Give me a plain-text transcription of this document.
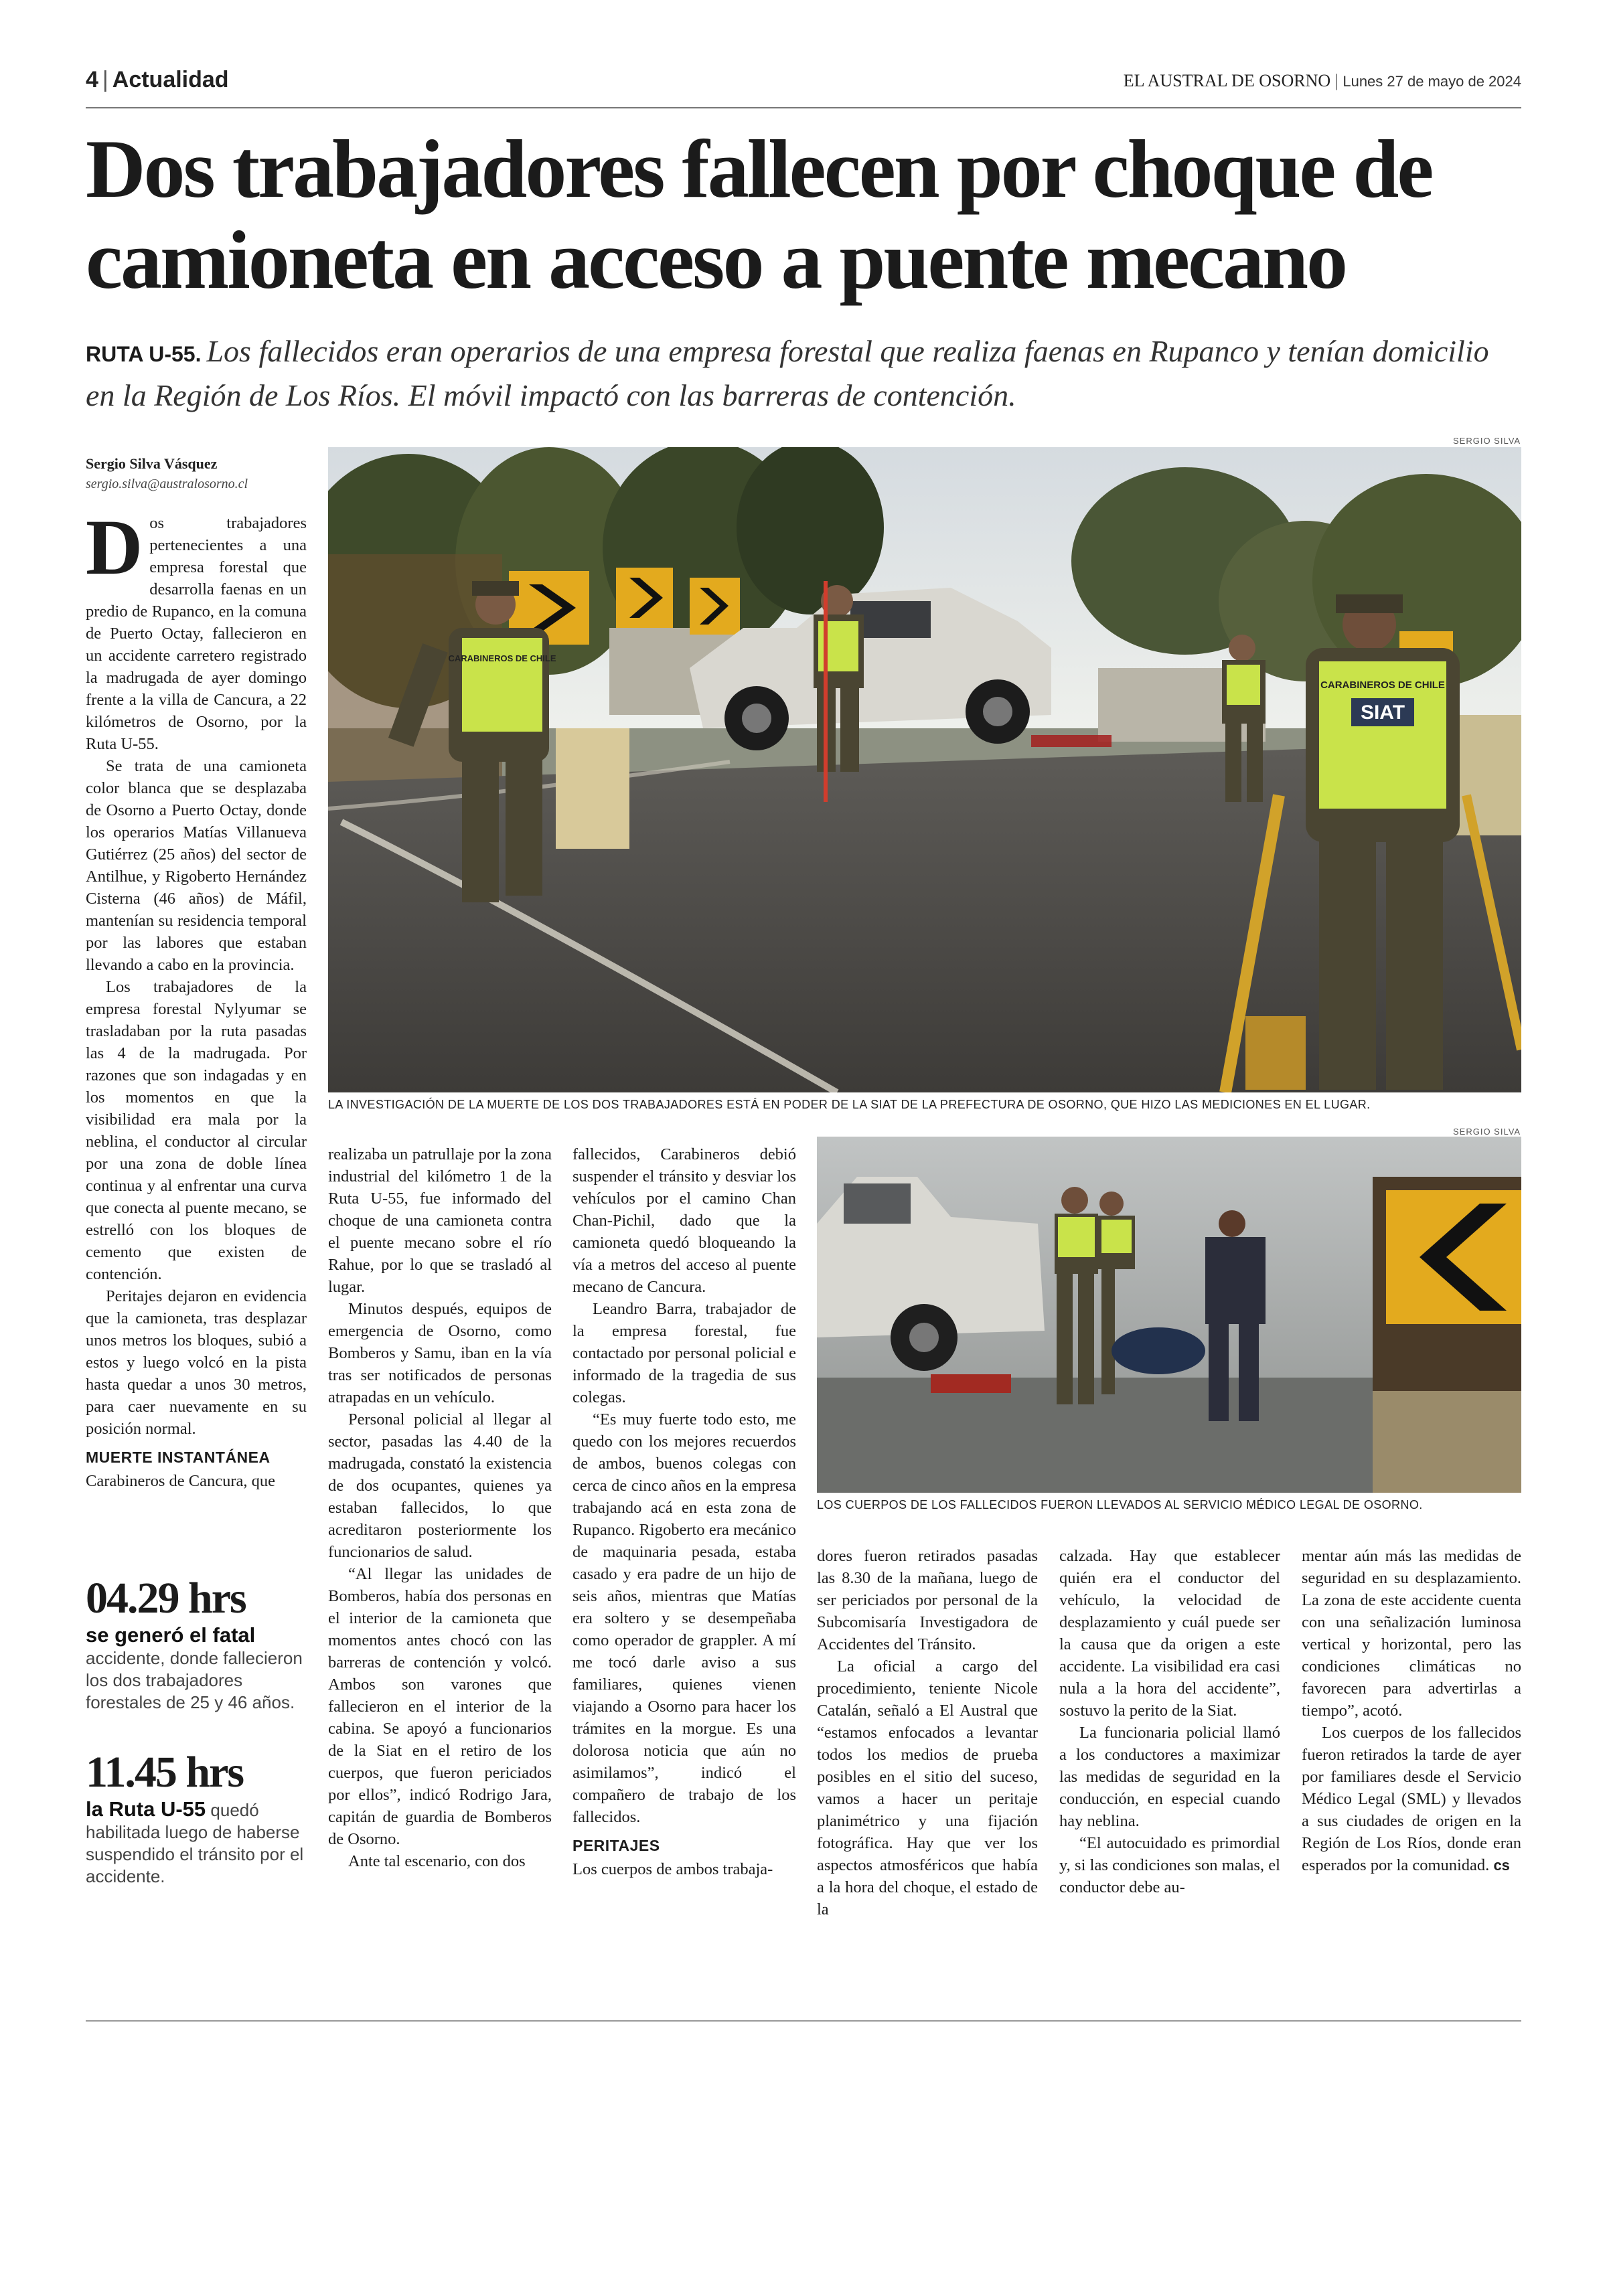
4 | Actualidad	EL AUSTRAL DE OSORNO | Lunes 27 de mayo de 2024
Dos trabajadores fallecen por choque de
camioneta en acceso a puente mecano
RUTA U-55. Los fallecidos eran operarios de una empresa forestal que realiza faenas en Rupanco y tenían domicilio en la Región de Los Ríos. El móvil impactó con las barreras de contención.
Sergio Silva Vásquez
sergio.silva@australosorno.cl
SERGIO SILVA
CARABINEROS DE CHILE
CARABINEROS DE CHILE
SIAT
LA INVESTIGACIÓN DE LA MUERTE DE LOS DOS TRABAJADORES ESTÁ EN PODER DE LA SIAT DE LA PREFECTURA DE OSORNO, QUE HIZO LAS MEDICIONES EN EL LUGAR.
SERGIO SILVA
LOS CUERPOS DE LOS FALLECIDOS FUERON LLEVADOS AL SERVICIO MÉDICO LEGAL DE OSORNO.

Dos trabajadores pertenecientes a una empresa forestal que desarrolla faenas en un predio de Rupanco, en la comuna de Puerto Octay, fallecieron en un accidente carretero registrado la madrugada de ayer domingo frente a la villa de Cancura, a 22 kilómetros de Osorno, por la Ruta U-55.

Se trata de una camioneta color blanca que se desplazaba de Osorno a Puerto Octay, donde los operarios Matías Villanueva Gutiérrez (25 años) del sector de Antilhue, y Rigoberto Hernández Cisterna (46 años) de Máfil, mantenían su residencia temporal por las labores que estaban llevando a cabo en la provincia.

Los trabajadores de la empresa forestal Nylyumar se trasladaban por la ruta pasadas las 4 de la madrugada. Por razones que son indagadas y en los momentos en que la visibilidad era mala por la neblina, el conductor al circular por una zona de doble línea continua y al enfrentar una curva que conecta al puente mecano, se estrelló con los bloques de cemento que existen de contención.

Peritajes dejaron en evidencia que la camioneta, tras desplazar unos metros los bloques, subió a estos y luego volcó en la pista hasta quedar a unos 30 metros, para caer nuevamente en su posición normal.

MUERTE INSTANTÁNEA

Carabineros de Cancura, que

04.29 hrs
se generó el fatal accidente, donde fallecieron los dos trabajadores forestales de 25 y 46 años.
11.45 hrs
la Ruta U-55 quedó habilitada luego de haberse suspendido el tránsito por el accidente.

realizaba un patrullaje por la zona industrial del kilómetro 1 de la Ruta U-55, fue informado del choque de una camioneta contra el puente mecano sobre el río Rahue, por lo que se trasladó al lugar.

Minutos después, equipos de emergencia de Osorno, como Bomberos y Samu, iban en la vía tras ser notificados de personas atrapadas en un vehículo.

Personal policial al llegar al sector, pasadas las 4.40 de la madrugada, constató la existencia de dos ocupantes, quienes ya estaban fallecidos, lo que acreditaron posteriormente los funcionarios de salud.

“Al llegar las unidades de Bomberos, había dos personas en el interior de la camioneta que momentos antes chocó con las barreras de contención y volcó. Ambos son varones que fallecieron en el interior de la cabina. Se apoyó a funcionarios de la Siat en el retiro de los cuerpos, que fueron periciados por ellos”, indicó Rodrigo Jara, capitán de guardia de Bomberos de Osorno.

Ante tal escenario, con dos

fallecidos, Carabineros debió suspender el tránsito y desviar los vehículos por el camino Chan Chan-Pichil, dado que la camioneta quedó bloqueando la vía a metros del acceso al puente mecano de Cancura.

Leandro Barra, trabajador de la empresa forestal, fue contactado por personal policial e informado de la tragedia de sus colegas.

“Es muy fuerte todo esto, me quedo con los mejores recuerdos de ambos, buenos colegas con cerca de cinco años en la empresa trabajando acá en esta zona de Rupanco. Rigoberto era mecánico de maquinaria pesada, estaba casado y era padre de un hijo de seis años, mientras que Matías era soltero y se desempeñaba como operador de grappler. A mí me tocó darle aviso a sus familiares, quienes vienen viajando a Osorno para hacer los trámites en la morgue. Es una dolorosa noticia que aún no asimilamos”, indicó el compañero de trabajo de los fallecidos.

PERITAJES

Los cuerpos de ambos trabaja-

dores fueron retirados pasadas las 8.30 de la mañana, luego de ser periciados por personal de la Subcomisaría Investigadora de Accidentes del Tránsito.

La oficial a cargo del procedimiento, teniente Nicole Catalán, señaló a El Austral que “estamos enfocados a levantar todos los medios de prueba posibles en el sitio del suceso, vamos a hacer un peritaje planimétrico y una fijación fotográfica. Hay que ver los aspectos atmosféricos que había a la hora del choque, el estado de la

calzada. Hay que establecer quién era el conductor del vehículo, la velocidad de desplazamiento y cuál puede ser la causa que da origen a este accidente. La visibilidad era casi nula a la hora del accidente”, sostuvo la perito de la Siat.

La funcionaria policial llamó a los conductores a maximizar las medidas de seguridad en la conducción, en especial cuando hay neblina.

“El autocuidado es primordial y, si las condiciones son malas, el conductor debe au-

mentar aún más las medidas de seguridad en su desplazamiento. La zona de este accidente cuenta con una señalización luminosa vertical y horizontal, pero las condiciones climáticas no favorecen para advertirlas a tiempo”, acotó.

Los cuerpos de los fallecidos fueron retirados la tarde de ayer por familiares desde el Servicio Médico Legal (SML) y llevados a sus ciudades de origen en la Región de Los Ríos, donde eran esperados por la comunidad. cs
